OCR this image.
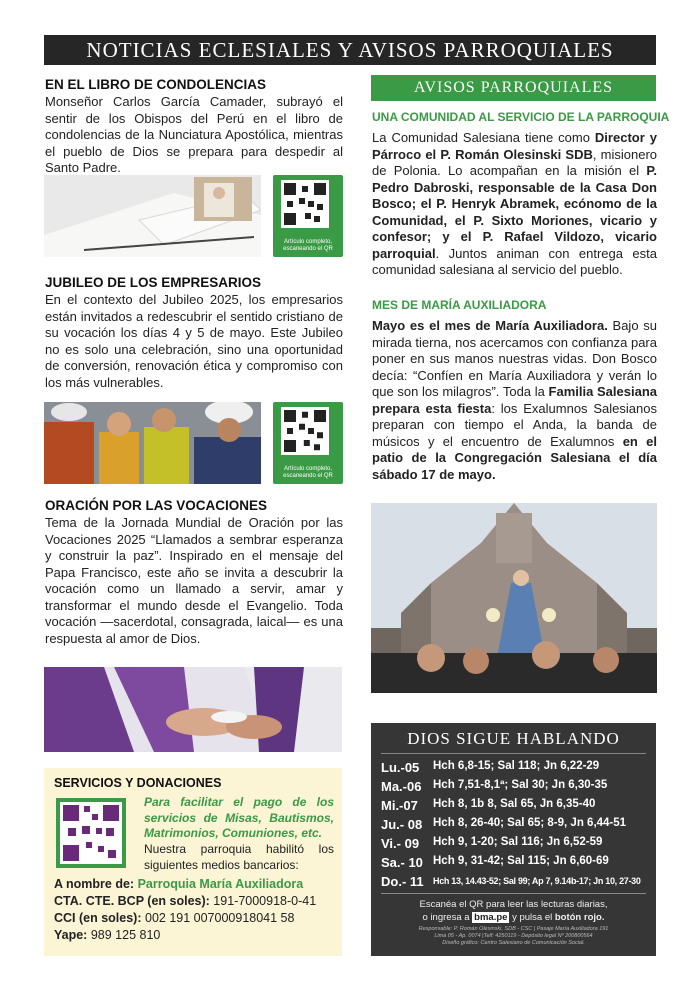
NOTICIAS ECLESIALES Y AVISOS PARROQUIALES
EN EL LIBRO DE CONDOLENCIAS
Monseñor Carlos García Camader, subrayó el sentir de los Obispos del Perú en el libro de condolencias de la Nunciatura Apostólica, mientras el pueblo de Dios se prepara para despedir al Santo Padre.
Artículo completo, escaneando el QR
JUBILEO DE LOS EMPRESARIOS
En el contexto del Jubileo 2025, los empresarios están invitados a redescubrir el sentido cristiano de su vocación los días 4 y 5 de mayo. Este Jubileo no es solo una celebración, sino una oportunidad de conversión, renovación ética y compromiso con los más vulnerables.
Artículo completo, escaneando el QR
ORACIÓN POR LAS VOCACIONES
Tema de la Jornada Mundial de Oración por las Vocaciones 2025 “Llamados a sembrar esperanza y construir la paz”. Inspirado en el mensaje del Papa Francisco, este año se invita a descubrir la vocación como un llamado a servir, amar y transformar el mundo desde el Evangelio. Toda vocación —sacerdotal, consagrada, laical— es una respuesta al amor de Dios.
SERVICIOS Y DONACIONES
Para facilitar el pago de los servicios de Misas, Bautismos, Matrimonios, Comuniones, etc.
Nuestra parroquia habilitó los siguientes medios bancarios:
A nombre de: Parroquia María Auxiliadora
CTA. CTE. BCP (en soles): 191-7000918-0-41
CCI (en soles): 002 191 007000918041 58
Yape: 989 125 810
AVISOS PARROQUIALES
UNA COMUNIDAD AL SERVICIO DE LA PARROQUIA
La Comunidad Salesiana tiene como Director y Párroco el P. Román Olesinski SDB, misionero de Polonia. Lo acompañan en la misión el P. Pedro Dabroski, responsable de la Casa Don Bosco; el P. Henryk Abramek, ecónomo de la Comunidad, el P. Sixto Moriones, vicario y confesor; y el P. Rafael Vildozo, vicario parroquial. Juntos animan con entrega esta comunidad salesiana al servicio del pueblo.
MES DE MARÍA AUXILIADORA
Mayo es el mes de María Auxiliadora. Bajo su mirada tierna, nos acercamos con confianza para poner en sus manos nuestras vidas. Don Bosco decía: “Confíen en María Auxiliadora y verán lo que son los milagros”. Toda la Familia Salesiana prepara esta fiesta: los Exalumnos Salesianos preparan con tiempo el Anda, la banda de músicos y el encuentro de Exalumnos en el patio de la Congregación Salesiana el día sábado 17 de mayo.
DIOS SIGUE HABLANDO
Lu.-05 Hch 6,8-15; Sal 118; Jn 6,22-29
Ma.-06 Hch 7,51-8,1ª; Sal 30; Jn 6,30-35
Mi.-07 Hch 8, 1b 8, Sal 65, Jn 6,35-40
Ju.- 08 Hch 8, 26-40; Sal 65; 8-9, Jn 6,44-51
Vi.- 09 Hch 9, 1-20; Sal 116; Jn 6,52-59
Sa.- 10 Hch 9, 31-42; Sal 115; Jn 6,60-69
Do.- 11 Hch 13, 14.43-52; Sal 99; Ap 7, 9.14b-17; Jn 10, 27-30
Escanéa el QR para leer las lecturas diarias,
o ingresa a bma.pe y pulsa el botón rojo.
Responsable: P. Román Olesinski, SDB - CSC | Pasaje María Auxiliadora 191
Lima 05 - Ap. 0074 |Telf: 4250119 - Depósito legal Nº 200800564
Diseño gráfico: Centro Salesiano de Comunicación Social.
